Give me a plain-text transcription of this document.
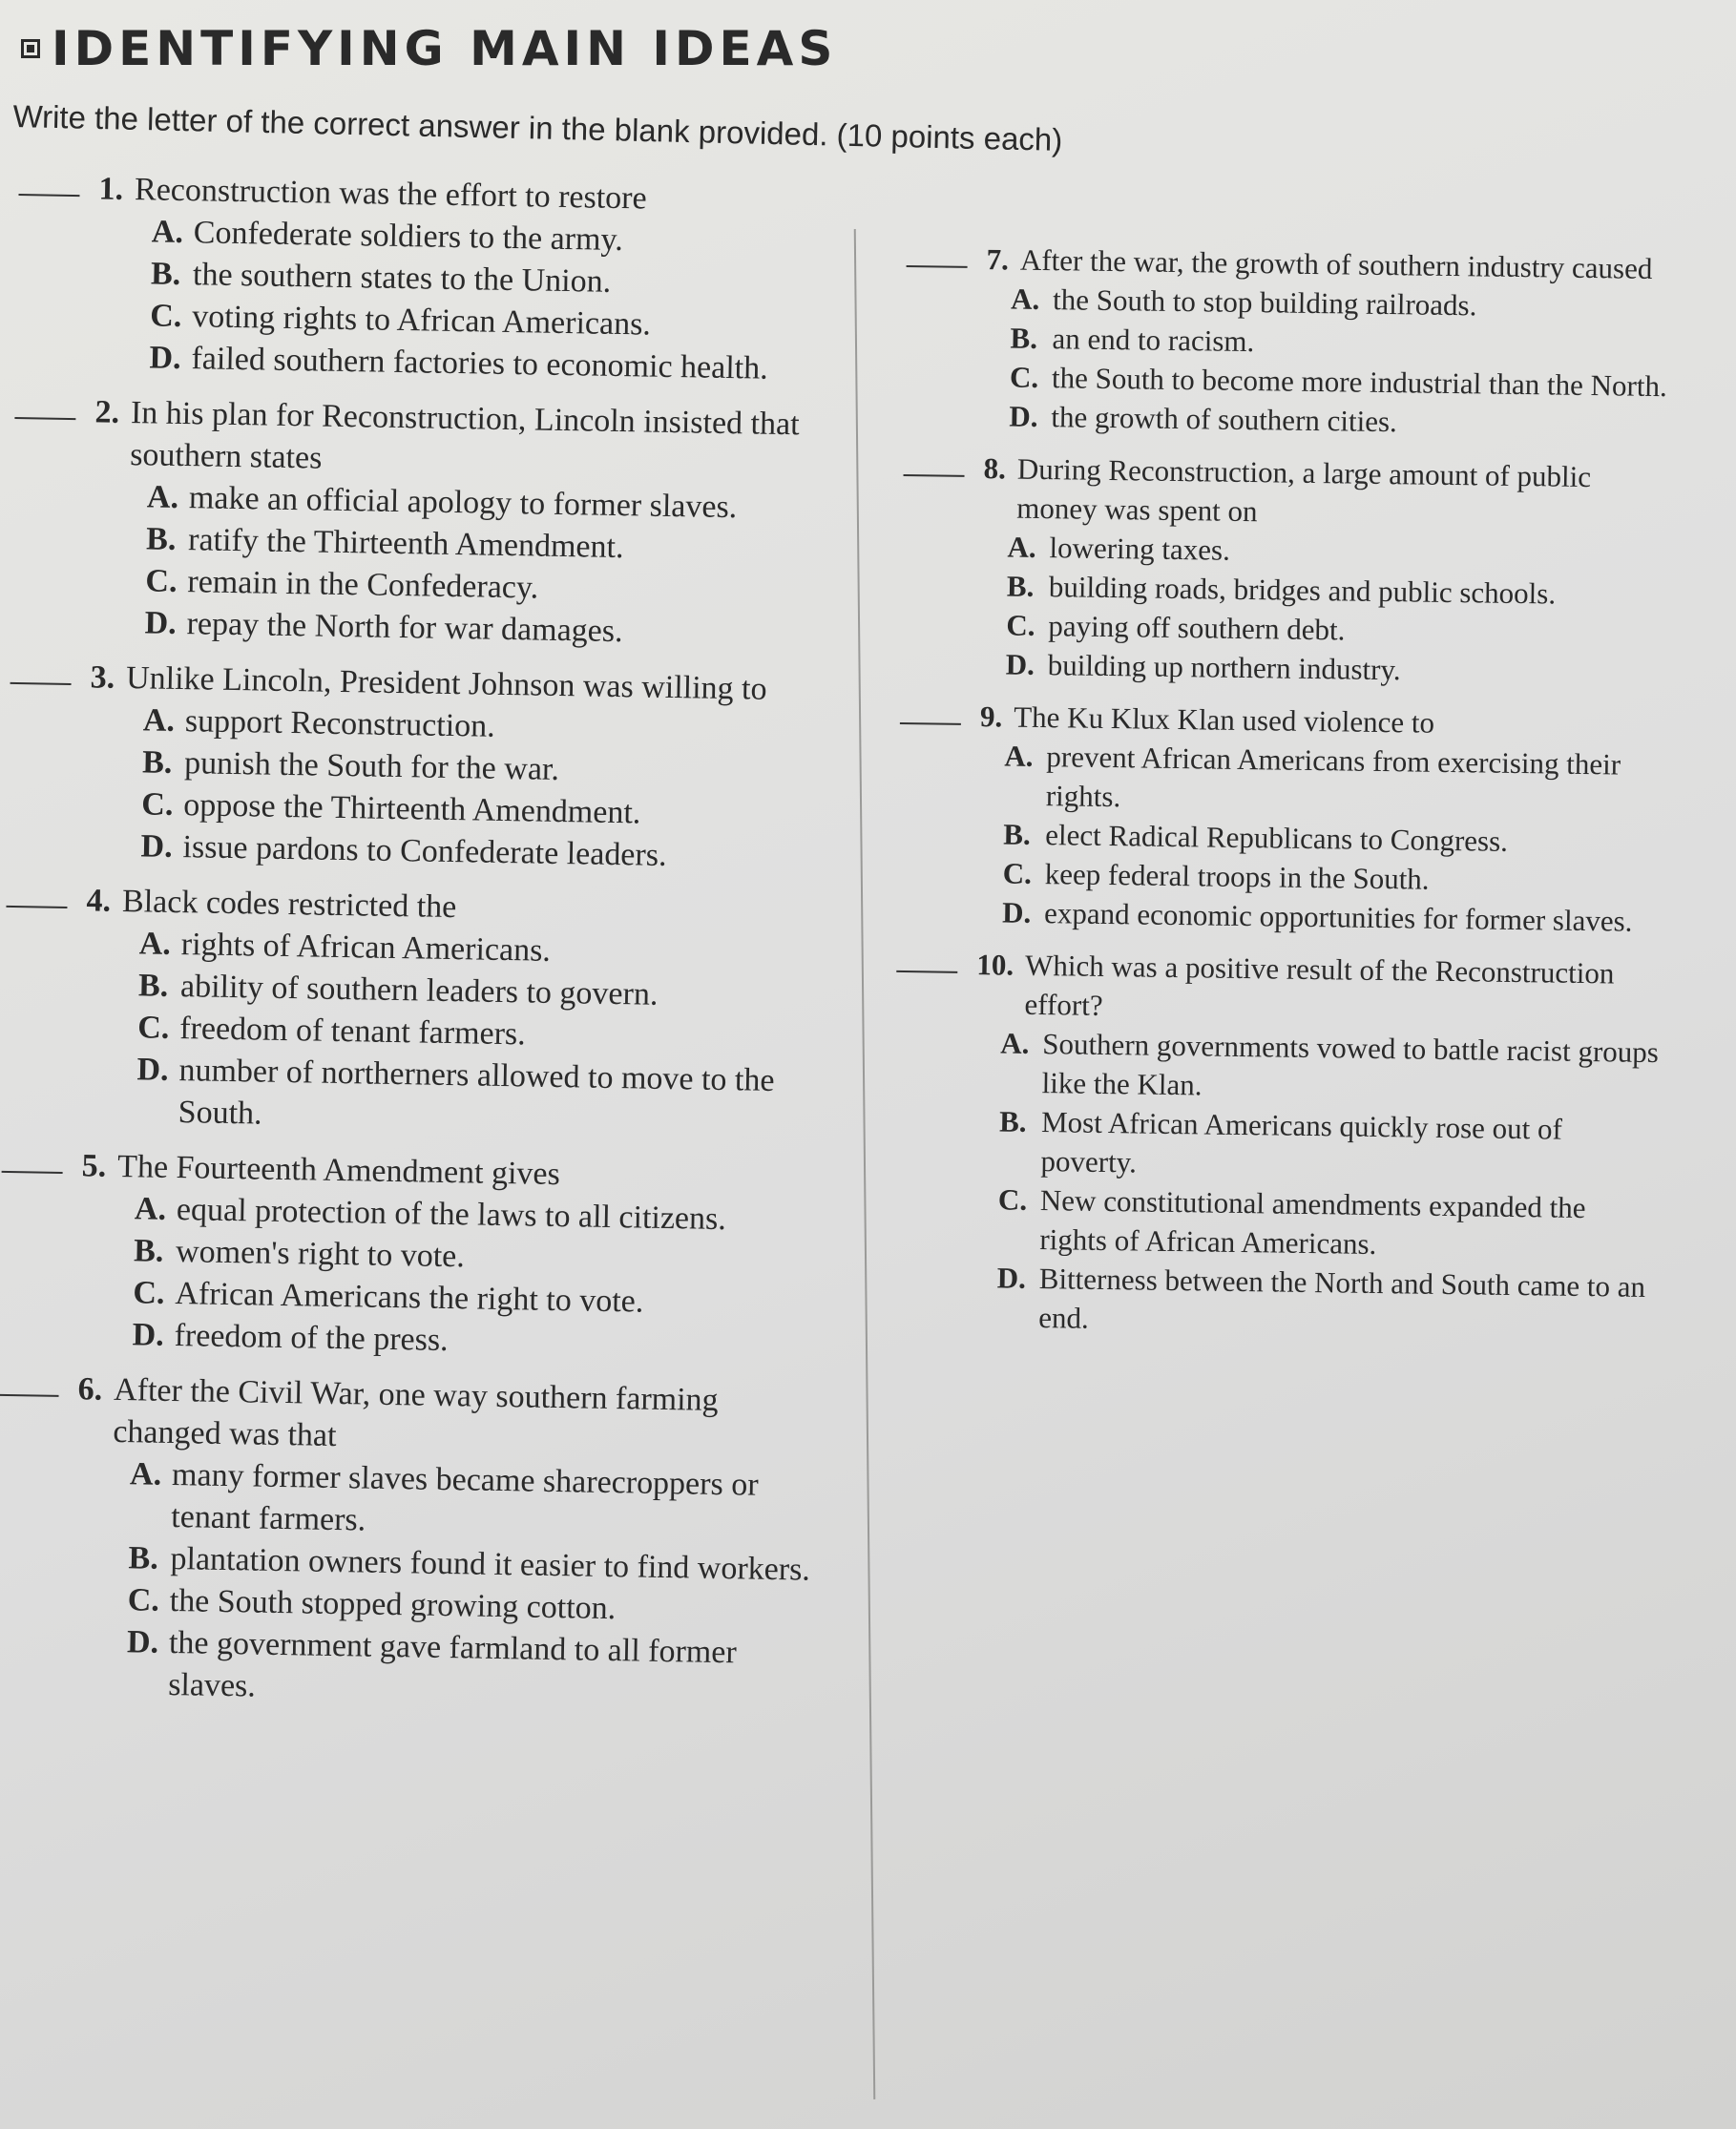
IDENTIFYING MAIN IDEAS
Write the letter of the correct answer in the blank provided. (10 points each)
1. Reconstruction was the effort to restore
A. Confederate soldiers to the army.
B. the southern states to the Union.
C. voting rights to African Americans.
D. failed southern factories to economic health.
2. In his plan for Reconstruction, Lincoln insisted that southern states
A. make an official apology to former slaves.
B. ratify the Thirteenth Amendment.
C. remain in the Confederacy.
D. repay the North for war damages.
3. Unlike Lincoln, President Johnson was willing to
A. support Reconstruction.
B. punish the South for the war.
C. oppose the Thirteenth Amendment.
D. issue pardons to Confederate leaders.
4. Black codes restricted the
A. rights of African Americans.
B. ability of southern leaders to govern.
C. freedom of tenant farmers.
D. number of northerners allowed to move to the South.
5. The Fourteenth Amendment gives
A. equal protection of the laws to all citizens.
B. women's right to vote.
C. African Americans the right to vote.
D. freedom of the press.
6. After the Civil War, one way southern farming changed was that
A. many former slaves became sharecroppers or tenant farmers.
B. plantation owners found it easier to find workers.
C. the South stopped growing cotton.
D. the government gave farmland to all former slaves.
7. After the war, the growth of southern industry caused
A. the South to stop building railroads.
B. an end to racism.
C. the South to become more industrial than the North.
D. the growth of southern cities.
8. During Reconstruction, a large amount of public money was spent on
A. lowering taxes.
B. building roads, bridges and public schools.
C. paying off southern debt.
D. building up northern industry.
9. The Ku Klux Klan used violence to
A. prevent African Americans from exercising their rights.
B. elect Radical Republicans to Congress.
C. keep federal troops in the South.
D. expand economic opportunities for former slaves.
10. Which was a positive result of the Reconstruction effort?
A. Southern governments vowed to battle racist groups like the Klan.
B. Most African Americans quickly rose out of poverty.
C. New constitutional amendments expanded the rights of African Americans.
D. Bitterness between the North and South came to an end.
